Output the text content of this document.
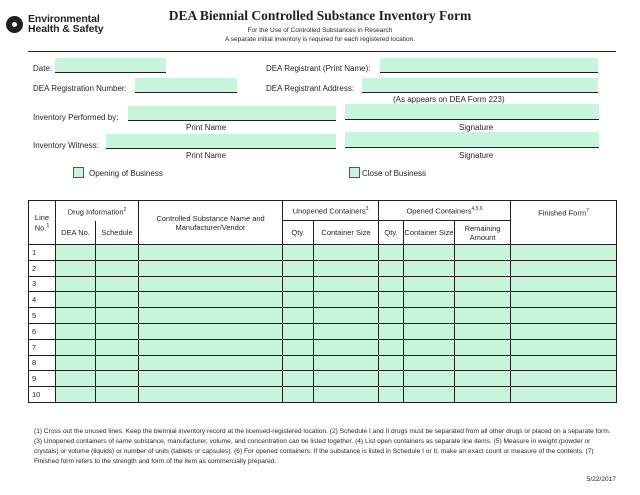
Environmental
Health & Safety
DEA Biennial Controlled Substance Inventory Form
For the Use of Controlled Substances in Research
A separate initial inventory is required for each registered location.
Date:	DEA Registrant (Print Name):
DEA Registration Number:	DEA Registrant Address:
(As appears on DEA Form 223)
Inventory Performed by:
Print Name	Signature
Inventory Witness:
Print Name	Signature
Opening of Business	Close of Business
Line No.$^1$	Drug Information$^2$		Controlled Substance Name and Manufacturer/Vendor	Unopened Containers$^3$		Opened Containers$^{4,5,6}$			Finished Form$^7$
	DEA No.	Schedule		Qty.	Container Size	Qty.	Container Size	Remaining Amount	
1									
2									
3									
4									
5									
6									
7									
8									
9									
10									
(1) Cross out the unused lines. Keep the biennial inventory record at the licensed-registered location. (2) Schedule I and II drugs must be separated from all other drugs or placed on a separate form. (3) Unopened containers of same substance, manufacturer, volume, and concentration can be listed together. (4) List open containers as separate line items. (5) Measure in weight (powder or crystals) or volume (liquids) or number of units (tablets or capsules). (6) For opened containers: If the substance is listed in Schedule I or II, make an exact count or measure of the contents. (7) Finished form refers to the strength and form of the item as commercially prepared.
5/22/2017
